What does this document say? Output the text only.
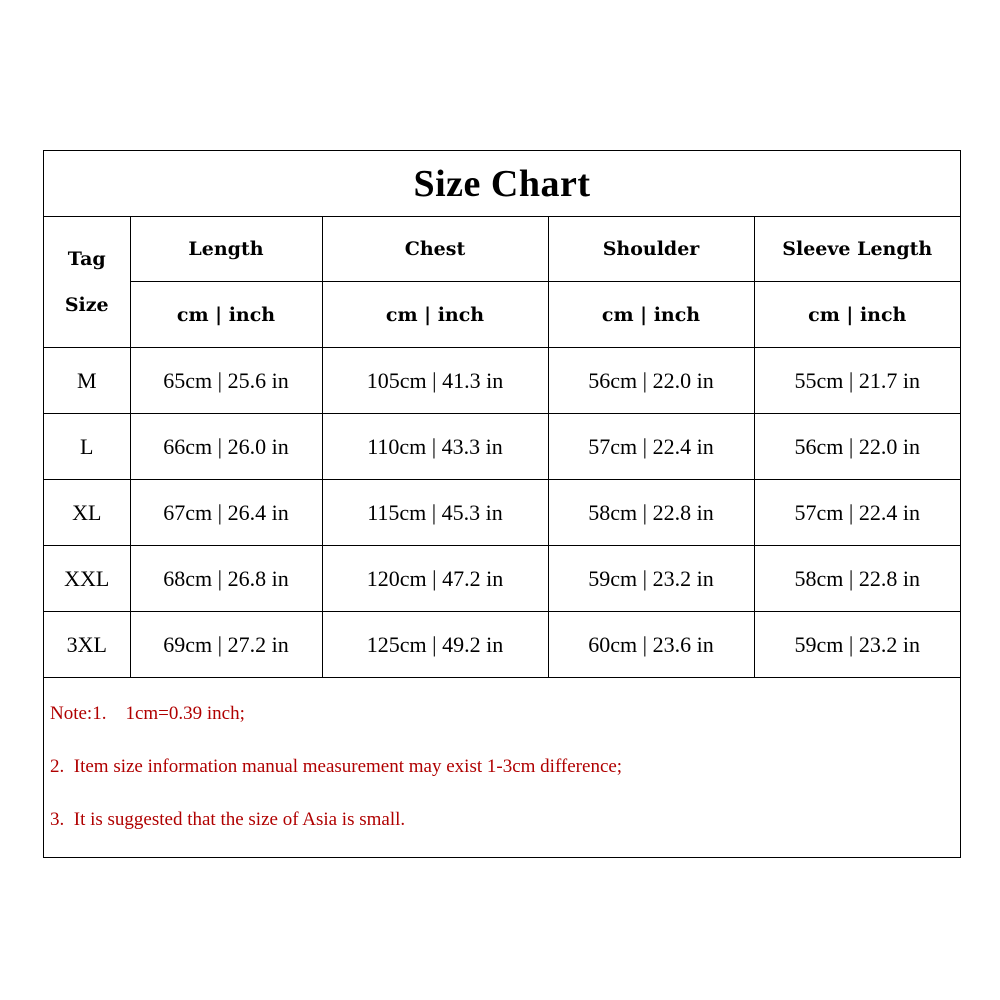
Size Chart
Tag
Size	Length	Chest	Shoulder	Sleeve Length
	cm | inch	cm | inch	cm | inch	cm | inch
M	65cm | 25.6 in	105cm | 41.3 in	56cm | 22.0 in	55cm | 21.7 in
L	66cm | 26.0 in	110cm | 43.3 in	57cm | 22.4 in	56cm | 22.0 in
XL	67cm | 26.4 in	115cm | 45.3 in	58cm | 22.8 in	57cm | 22.4 in
XXL	68cm | 26.8 in	120cm | 47.2 in	59cm | 23.2 in	58cm | 22.8 in
3XL	69cm | 27.2 in	125cm | 49.2 in	60cm | 23.6 in	59cm | 23.2 in
Note:1.    1cm=0.39 inch;
2.  Item size information manual measurement may exist 1-3cm difference;
3.  It is suggested that the size of Asia is small.
